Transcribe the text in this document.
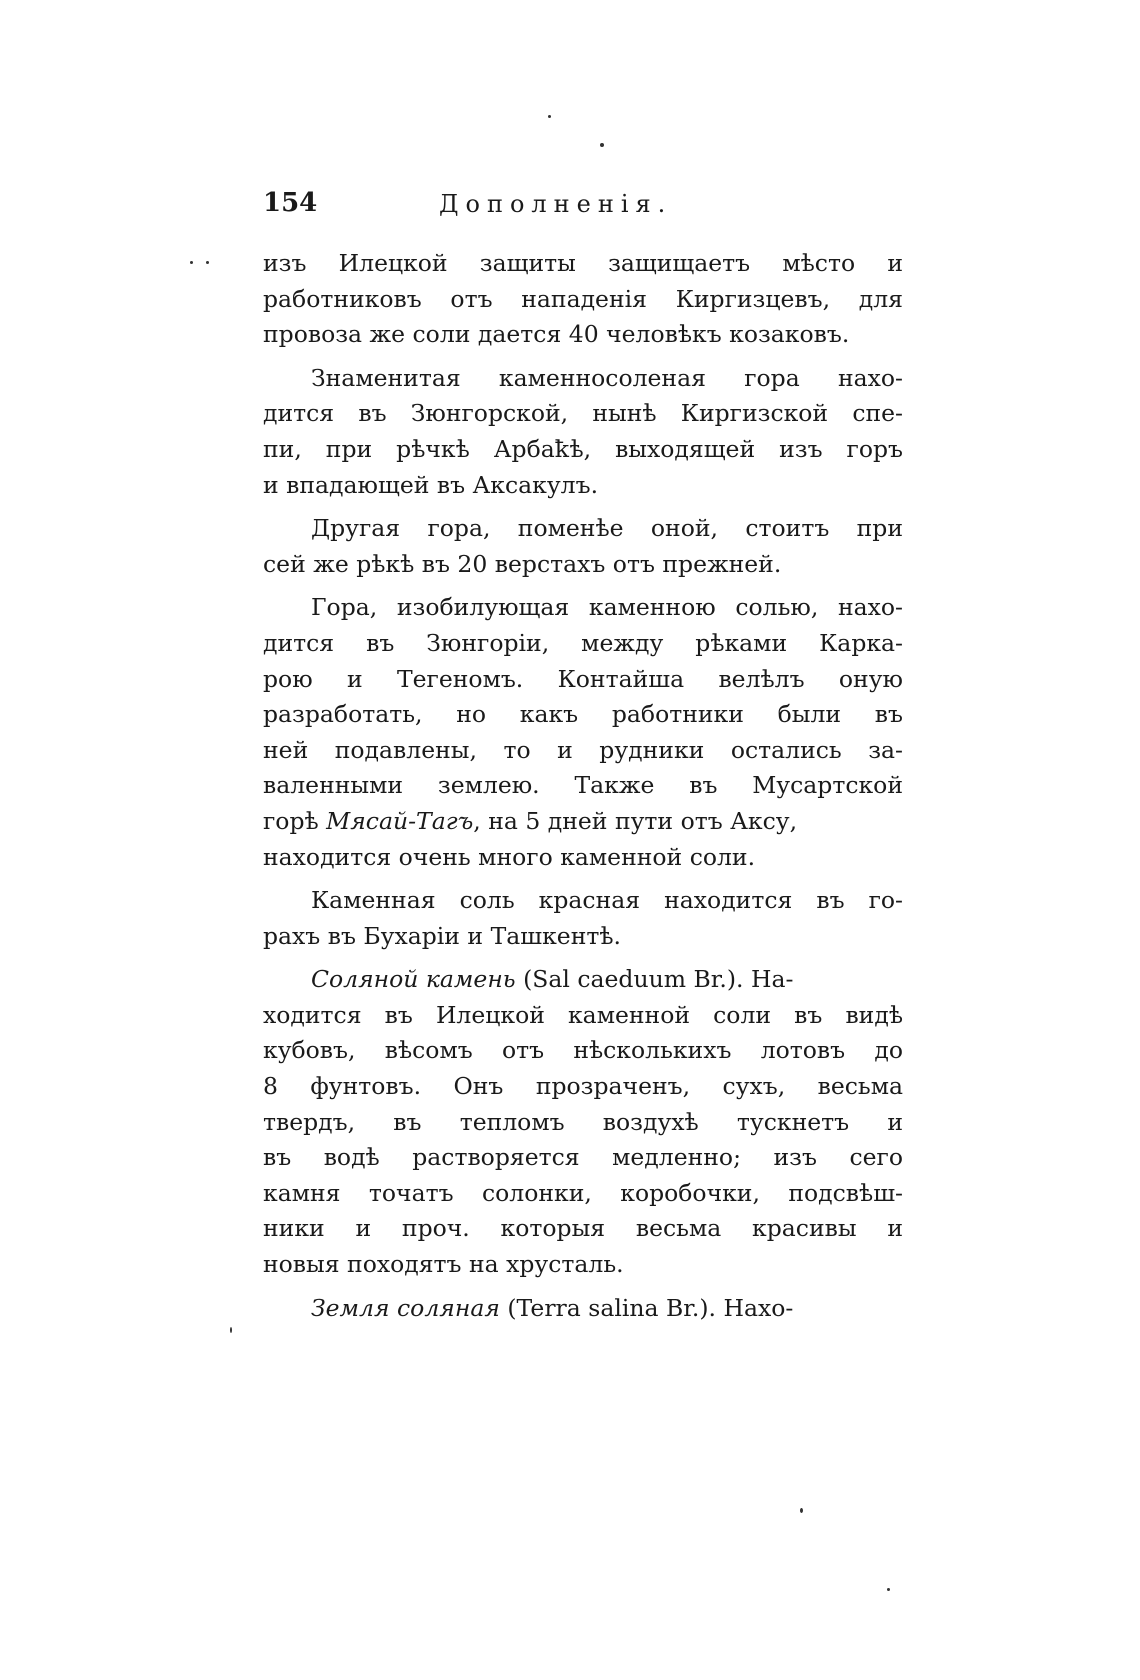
154	Дополненія.
изъ Илецкой защиты защищаетъ мѣсто и
работниковъ отъ нападенія Киргизцевъ, для
провоза же соли дается 40 человѣкъ козаковъ.
Знаменитая каменносоленая гора нахо-
дится въ Зюнгорской, нынѣ Киргизской спе-
пи, при рѣчкѣ Арбаҟѣ, выходящей изъ горъ
и впадающей въ Аксакулъ.
Другая гора, поменѣе оной, стоитъ при
сей же рѣкѣ въ 20 верстахъ отъ прежней.
Гора, изобилующая каменною солью, нахо-
дится въ Зюнгоріи, между рѣками Карка-
рою и Тегеномъ. Контайша велѣлъ оную
разработать, но какъ работники были въ
ней подавлены, то и рудники остались за-
валенными землею. Также въ Мусартской
горѣ Мясай-Тагъ, на 5 дней пути отъ Аксу,
находится очень много каменной соли.
Каменная соль красная находится въ го-
рахъ въ Бухаріи и Ташкентѣ.
Соляной камень (Sal caeduum Br.). На-
ходится въ Илецкой каменной соли въ видѣ
кубовъ, вѣсомъ отъ нѣсколькихъ лотовъ до
8 фунтовъ. Онъ прозраченъ, сухъ, весьма
твердъ, въ тепломъ воздухѣ тускнетъ и
въ водѣ растворяется медленно; изъ сего
камня точатъ солонки, коробочки, подсвѣш-
ники и проч. которыя весьма красивы и
новыя походятъ на хрусталь.
Земля соляная (Terra salina Br.). Нахо-
